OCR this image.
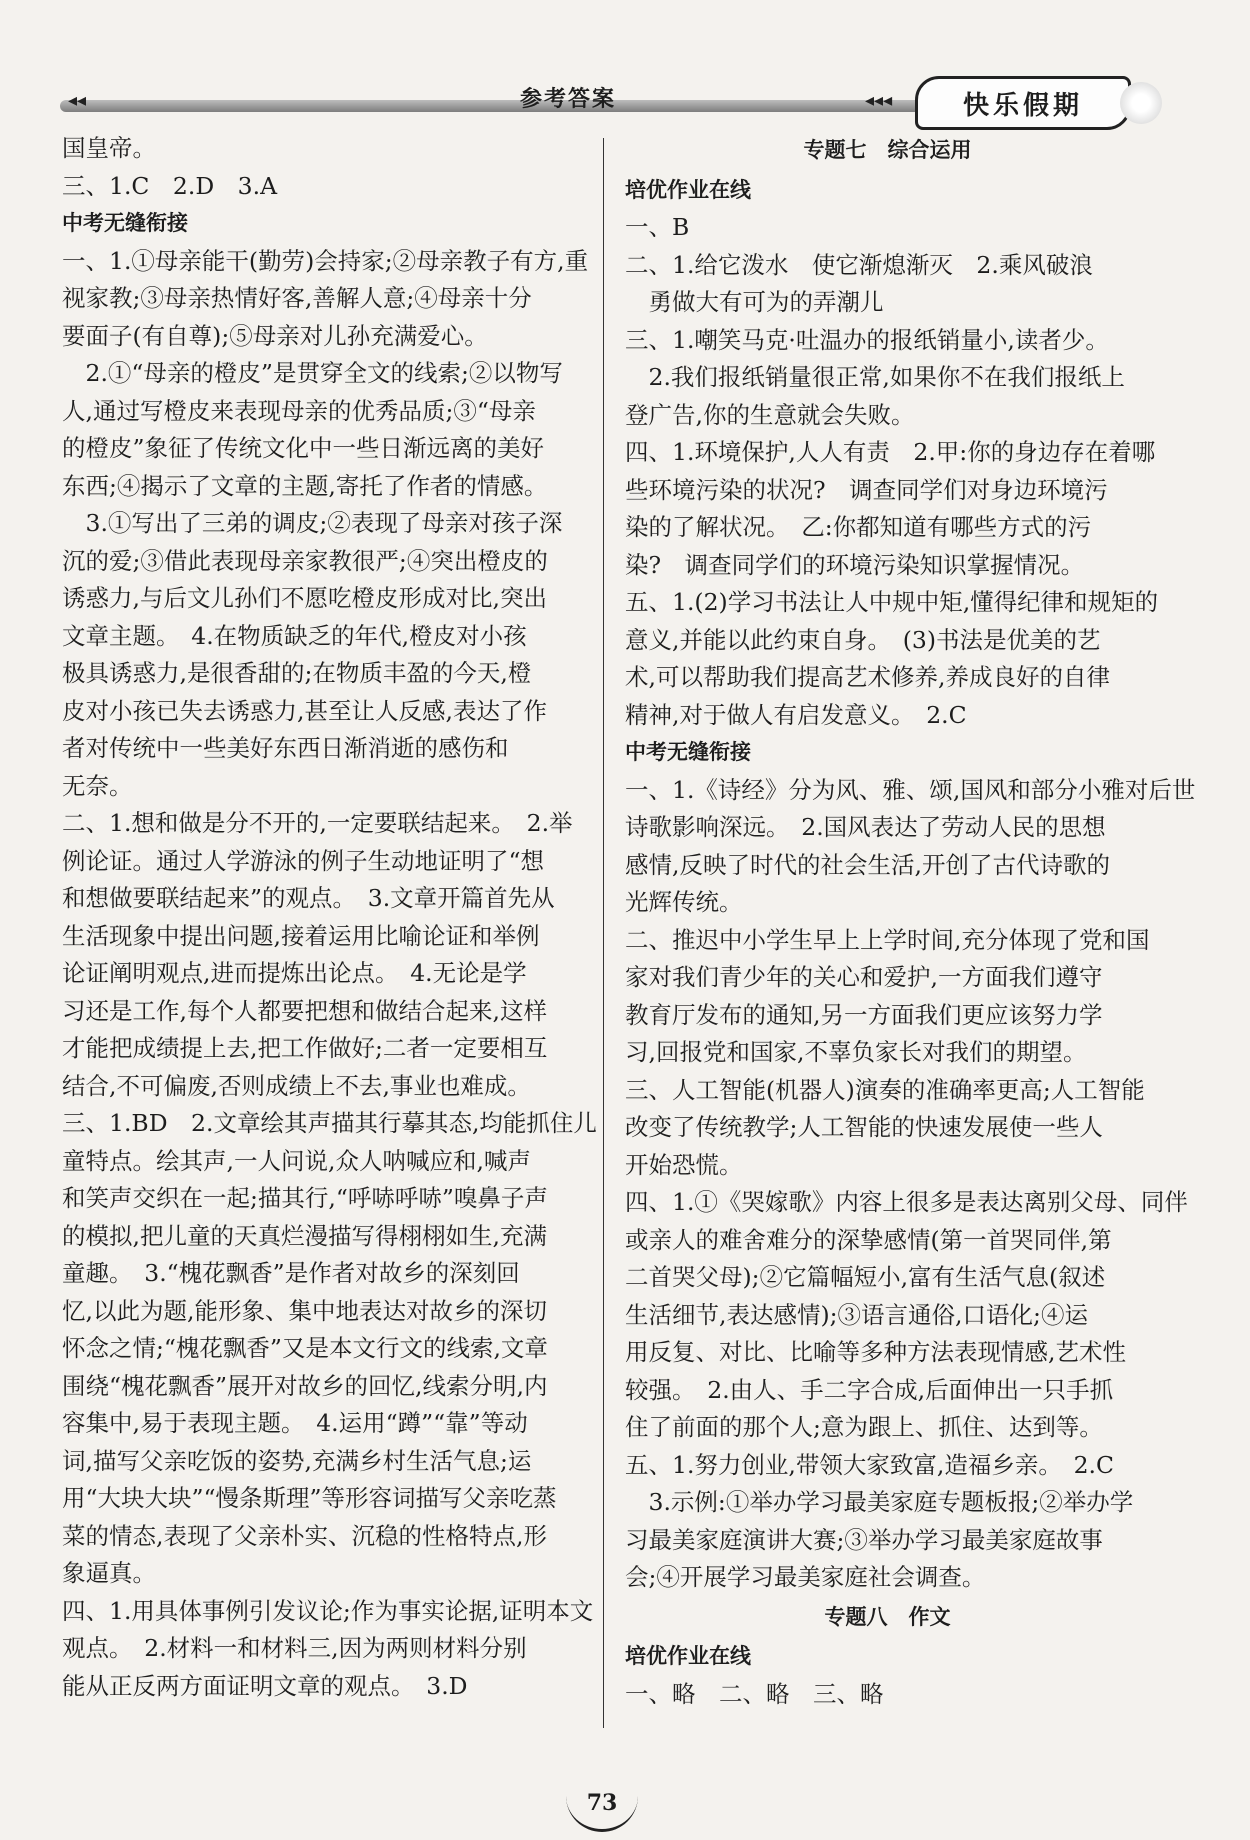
◂◂	参考答案	◂◂◂	快乐假期
国皇帝。
三、1.C　2.D　3.A
中考无缝衔接
一、1.①母亲能干(勤劳)会持家;②母亲教子有方,重
视家教;③母亲热情好客,善解人意;④母亲十分
要面子(有自尊);⑤母亲对儿孙充满爱心。
　2.①“母亲的橙皮”是贯穿全文的线索;②以物写
人,通过写橙皮来表现母亲的优秀品质;③“母亲
的橙皮”象征了传统文化中一些日渐远离的美好
东西;④揭示了文章的主题,寄托了作者的情感。
　3.①写出了三弟的调皮;②表现了母亲对孩子深
沉的爱;③借此表现母亲家教很严;④突出橙皮的
诱惑力,与后文儿孙们不愿吃橙皮形成对比,突出
文章主题。　4.在物质缺乏的年代,橙皮对小孩
极具诱惑力,是很香甜的;在物质丰盈的今天,橙
皮对小孩已失去诱惑力,甚至让人反感,表达了作
者对传统中一些美好东西日渐消逝的感伤和
无奈。
二、1.想和做是分不开的,一定要联结起来。　2.举
例论证。通过人学游泳的例子生动地证明了“想
和想做要联结起来”的观点。　3.文章开篇首先从
生活现象中提出问题,接着运用比喻论证和举例
论证阐明观点,进而提炼出论点。　4.无论是学
习还是工作,每个人都要把想和做结合起来,这样
才能把成绩提上去,把工作做好;二者一定要相互
结合,不可偏废,否则成绩上不去,事业也难成。
三、1.BD　2.文章绘其声描其行摹其态,均能抓住儿
童特点。绘其声,一人问说,众人呐喊应和,喊声
和笑声交织在一起;描其行,“呼哧呼哧”嗅鼻子声
的模拟,把儿童的天真烂漫描写得栩栩如生,充满
童趣。　3.“槐花飘香”是作者对故乡的深刻回
忆,以此为题,能形象、集中地表达对故乡的深切
怀念之情;“槐花飘香”又是本文行文的线索,文章
围绕“槐花飘香”展开对故乡的回忆,线索分明,内
容集中,易于表现主题。　4.运用“蹲”“靠”等动
词,描写父亲吃饭的姿势,充满乡村生活气息;运
用“大块大块”“慢条斯理”等形容词描写父亲吃蒸
菜的情态,表现了父亲朴实、沉稳的性格特点,形
象逼真。
四、1.用具体事例引发议论;作为事实论据,证明本文
观点。　2.材料一和材料三,因为两则材料分别
能从正反两方面证明文章的观点。　3.D
专题七　综合运用
培优作业在线
一、B
二、1.给它泼水　使它渐熄渐灭　2.乘风破浪
　勇做大有可为的弄潮儿
三、1.嘲笑马克·吐温办的报纸销量小,读者少。
　2.我们报纸销量很正常,如果你不在我们报纸上
登广告,你的生意就会失败。
四、1.环境保护,人人有责　2.甲:你的身边存在着哪
些环境污染的状况?　调查同学们对身边环境污
染的了解状况。　乙:你都知道有哪些方式的污
染?　调查同学们的环境污染知识掌握情况。
五、1.(2)学习书法让人中规中矩,懂得纪律和规矩的
意义,并能以此约束自身。　(3)书法是优美的艺
术,可以帮助我们提高艺术修养,养成良好的自律
精神,对于做人有启发意义。　2.C
中考无缝衔接
一、1.《诗经》分为风、雅、颂,国风和部分小雅对后世
诗歌影响深远。　2.国风表达了劳动人民的思想
感情,反映了时代的社会生活,开创了古代诗歌的
光辉传统。
二、推迟中小学生早上上学时间,充分体现了党和国
家对我们青少年的关心和爱护,一方面我们遵守
教育厅发布的通知,另一方面我们更应该努力学
习,回报党和国家,不辜负家长对我们的期望。
三、人工智能(机器人)演奏的准确率更高;人工智能
改变了传统教学;人工智能的快速发展使一些人
开始恐慌。
四、1.①《哭嫁歌》内容上很多是表达离别父母、同伴
或亲人的难舍难分的深挚感情(第一首哭同伴,第
二首哭父母);②它篇幅短小,富有生活气息(叙述
生活细节,表达感情);③语言通俗,口语化;④运
用反复、对比、比喻等多种方法表现情感,艺术性
较强。　2.由人、手二字合成,后面伸出一只手抓
住了前面的那个人;意为跟上、抓住、达到等。
五、1.努力创业,带领大家致富,造福乡亲。　2.C
　3.示例:①举办学习最美家庭专题板报;②举办学
习最美家庭演讲大赛;③举办学习最美家庭故事
会;④开展学习最美家庭社会调查。
专题八　作文
培优作业在线
一、略　二、略　三、略
73
